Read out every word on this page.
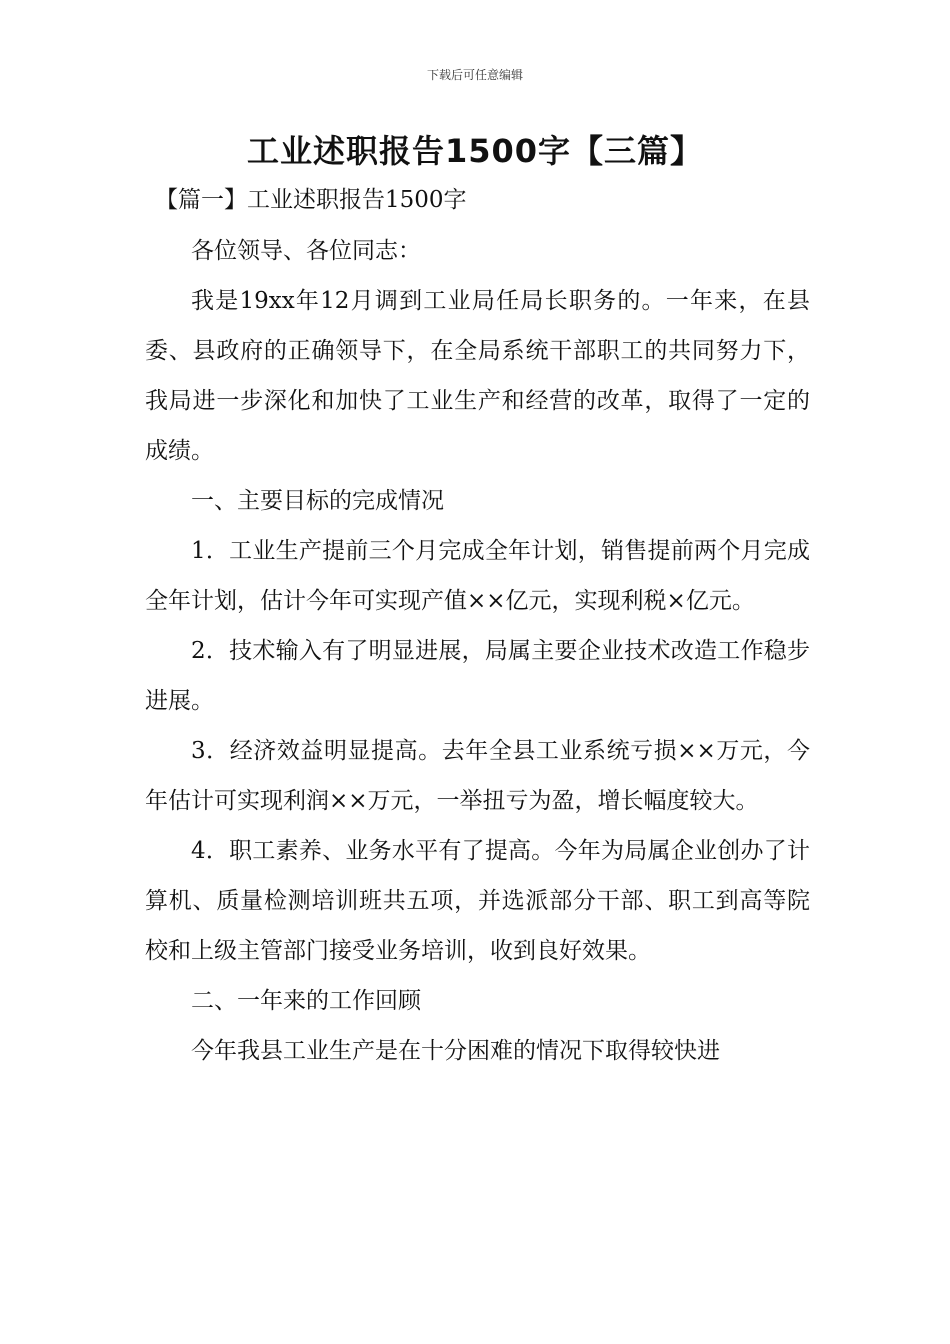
下载后可任意编辑
工业述职报告1500字【三篇】
【篇一】工业述职报告1500字

各位领导、各位同志：

我是19xx年12月调到工业局任局长职务的。一年来，在县委、县政府的正确领导下，在全局系统干部职工的共同努力下，我局进一步深化和加快了工业生产和经营的改革，取得了一定的成绩。

一、主要目标的完成情况

1．工业生产提前三个月完成全年计划，销售提前两个月完成全年计划，估计今年可实现产值××亿元，实现利税×亿元。

2．技术输入有了明显进展，局属主要企业技术改造工作稳步进展。

3．经济效益明显提高。去年全县工业系统亏损××万元，今年估计可实现利润××万元，一举扭亏为盈，增长幅度较大。

4．职工素养、业务水平有了提高。今年为局属企业创办了计算机、质量检测培训班共五项，并选派部分干部、职工到高等院校和上级主管部门接受业务培训，收到良好效果。

二、一年来的工作回顾

今年我县工业生产是在十分困难的情况下取得较快进
